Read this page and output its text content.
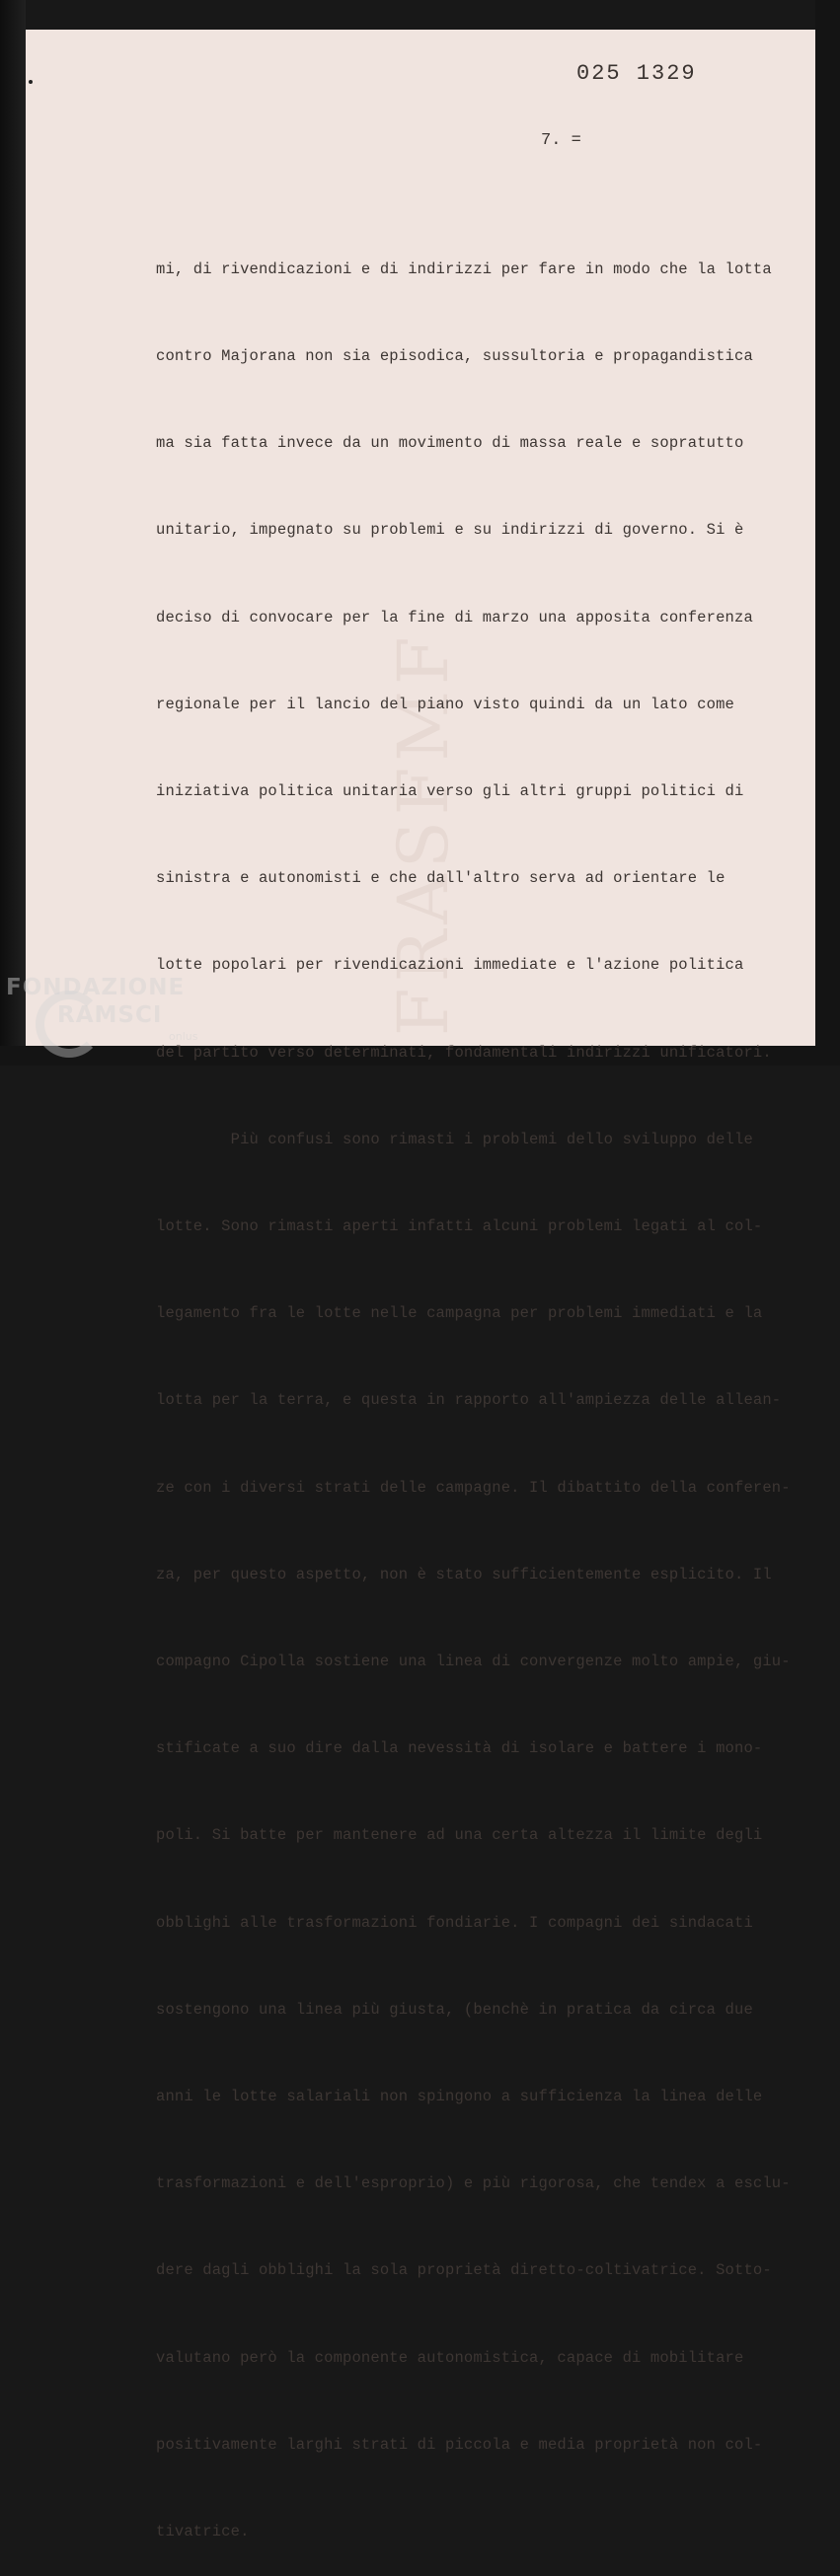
FRASFMF
025 1329
7. =

mi, di rivendicazioni e di indirizzi per fare in modo che la lotta

contro Majorana non sia episodica, sussultoria e propagandistica

ma sia fatta invece da un movimento di massa reale e sopratutto

unitario, impegnato su problemi e su indirizzi di governo. Si è

deciso di convocare per la fine di marzo una apposita conferenza

regionale per il lancio del piano visto quindi da un lato come

iniziativa politica unitaria verso gli altri gruppi politici di

sinistra e autonomisti e che dall'altro serva ad orientare le

lotte popolari per rivendicazioni immediate e l'azione politica

del partito verso determinati, fondamentali indirizzi unificatori.

Più confusi sono rimasti i problemi dello sviluppo delle

lotte. Sono rimasti aperti infatti alcuni problemi legati al col-

legamento fra le lotte nelle campagna per problemi immediati e la

lotta per la terra, e questa in rapporto all'ampiezza delle allean-

ze con i diversi strati delle campagne. Il dibattito della conferen-

za, per questo aspetto, non è stato sufficientemente esplicito. Il

compagno Cipolla sostiene una linea di convergenze molto ampie, giu-

stificate a suo dire dalla nevessità di isolare e battere i mono-

poli. Si batte per mantenere ad una certa altezza il limite degli

obblighi alle trasformazioni fondiarie. I compagni dei sindacati

sostengono una linea più giusta, (benchè in pratica da circa due

anni le lotte salariali non spingono a sufficienza la linea delle

trasformazioni e dell'esproprio) e più rigorosa, che tendex a esclu-

dere dagli obblighi la sola proprietà diretto-coltivatrice. Sotto-

valutano però la componente autonomistica, capace di mobilitare

positivamente larghi strati di piccola e media proprietà non col-

tivatrice.

FONDAZIONE
RAMSCI
onlus
